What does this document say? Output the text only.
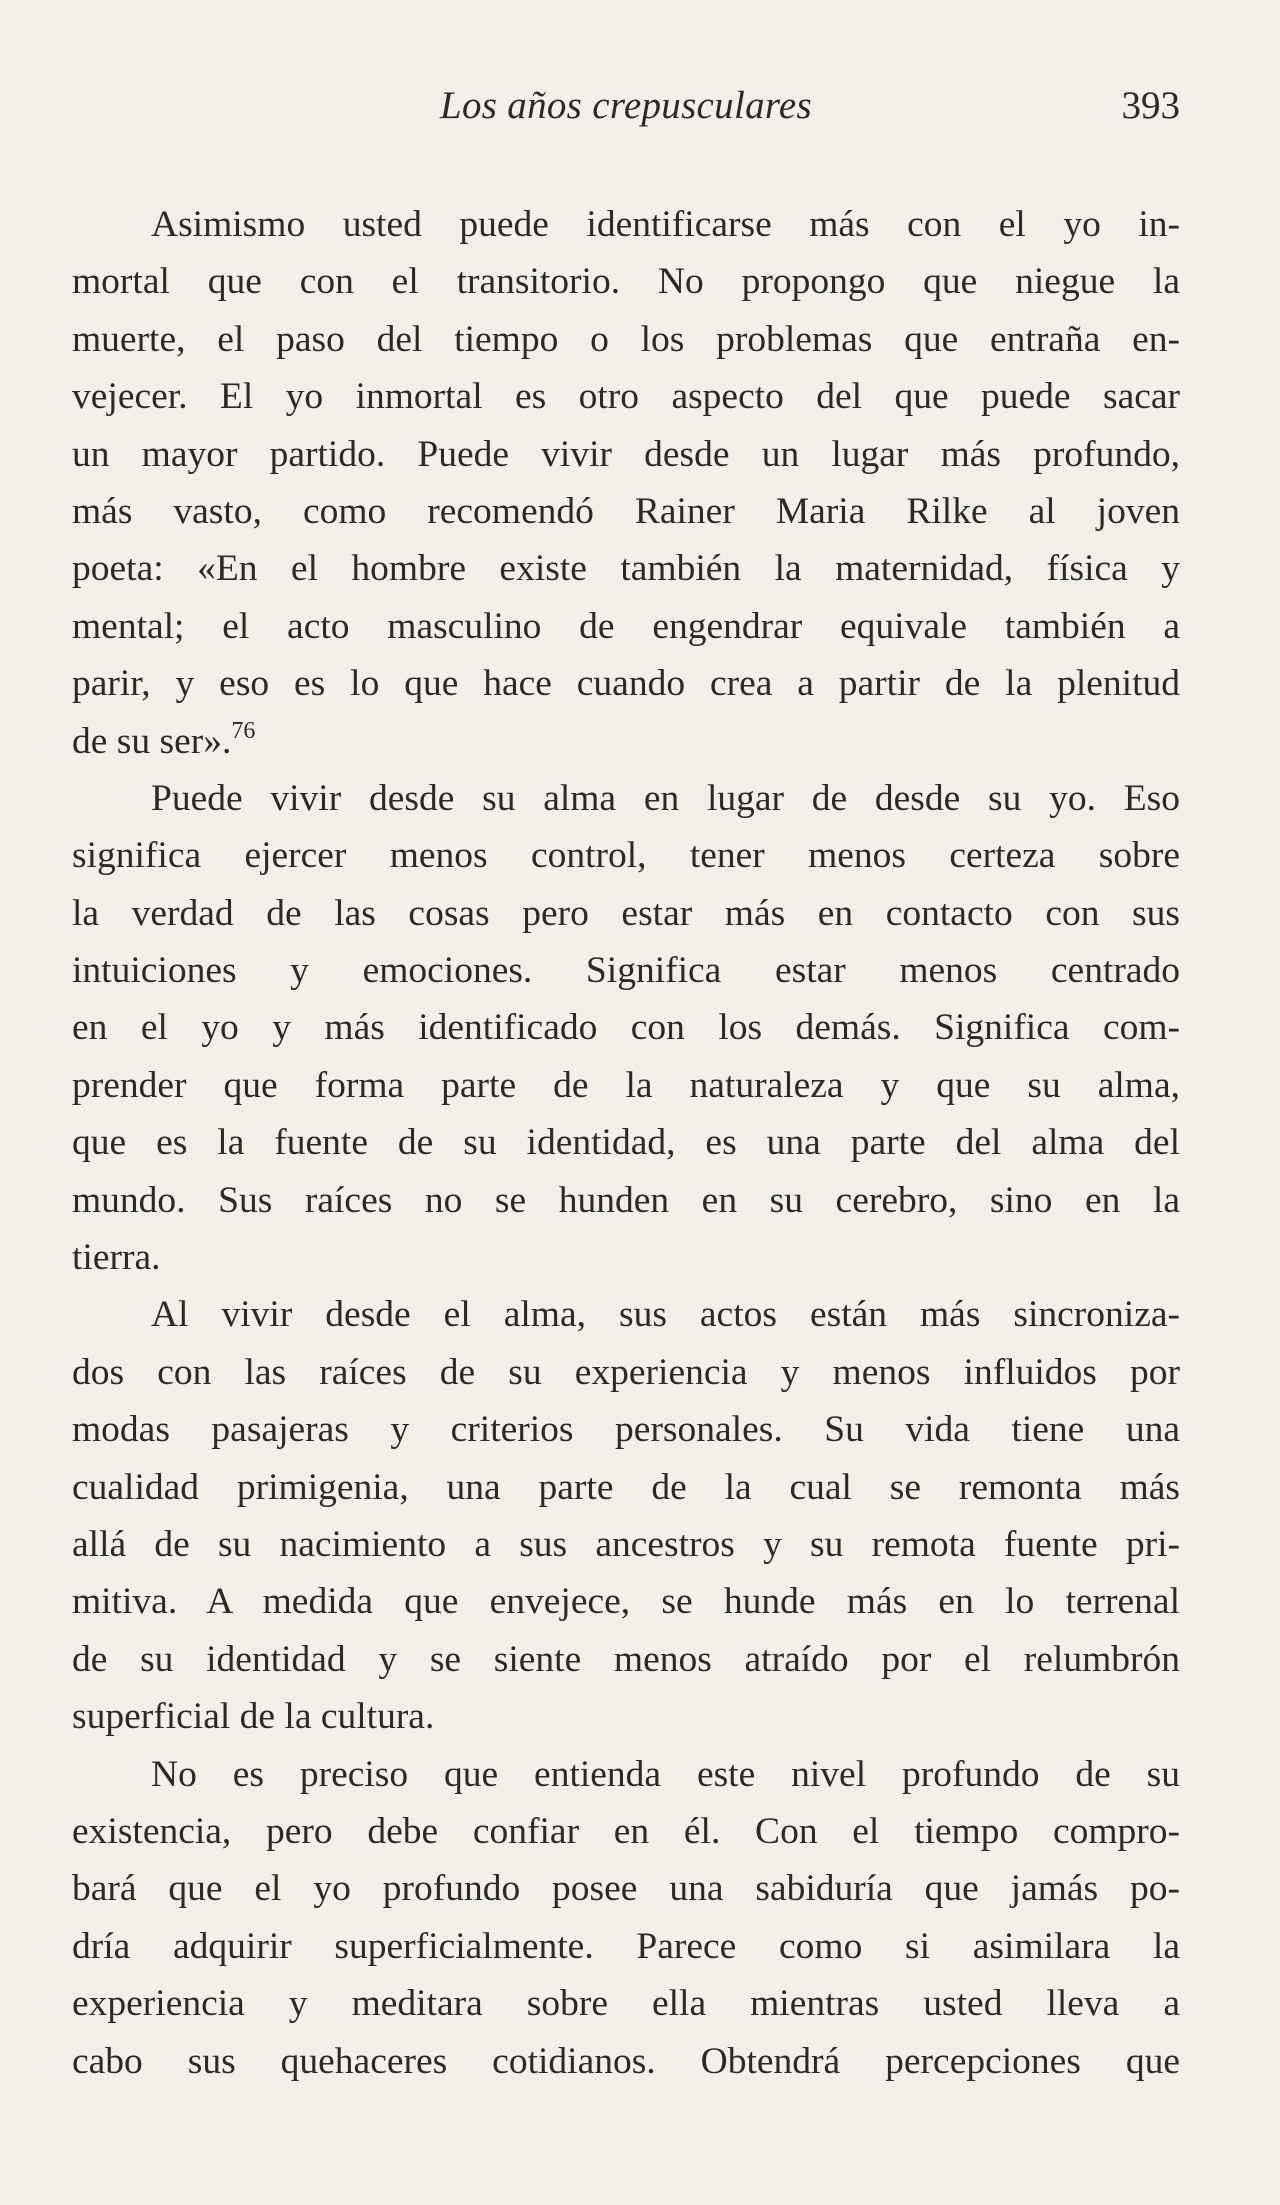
Los años crepusculares	393
Asimismo usted puede identificarse más con el yo in-
mortal que con el transitorio. No propongo que niegue la
muerte, el paso del tiempo o los problemas que entraña en-
vejecer. El yo inmortal es otro aspecto del que puede sacar
un mayor partido. Puede vivir desde un lugar más profundo,
más vasto, como recomendó Rainer Maria Rilke al joven
poeta: «En el hombre existe también la maternidad, física y
mental; el acto masculino de engendrar equivale también a
parir, y eso es lo que hace cuando crea a partir de la plenitud
de su ser».$^{76}$
Puede vivir desde su alma en lugar de desde su yo. Eso
significa ejercer menos control, tener menos certeza sobre
la verdad de las cosas pero estar más en contacto con sus
intuiciones y emociones. Significa estar menos centrado
en el yo y más identificado con los demás. Significa com-
prender que forma parte de la naturaleza y que su alma,
que es la fuente de su identidad, es una parte del alma del
mundo. Sus raíces no se hunden en su cerebro, sino en la
tierra.
Al vivir desde el alma, sus actos están más sincroniza-
dos con las raíces de su experiencia y menos influidos por
modas pasajeras y criterios personales. Su vida tiene una
cualidad primigenia, una parte de la cual se remonta más
allá de su nacimiento a sus ancestros y su remota fuente pri-
mitiva. A medida que envejece, se hunde más en lo terrenal
de su identidad y se siente menos atraído por el relumbrón
superficial de la cultura.
No es preciso que entienda este nivel profundo de su
existencia, pero debe confiar en él. Con el tiempo compro-
bará que el yo profundo posee una sabiduría que jamás po-
dría adquirir superficialmente. Parece como si asimilara la
experiencia y meditara sobre ella mientras usted lleva a
cabo sus quehaceres cotidianos. Obtendrá percepciones que
